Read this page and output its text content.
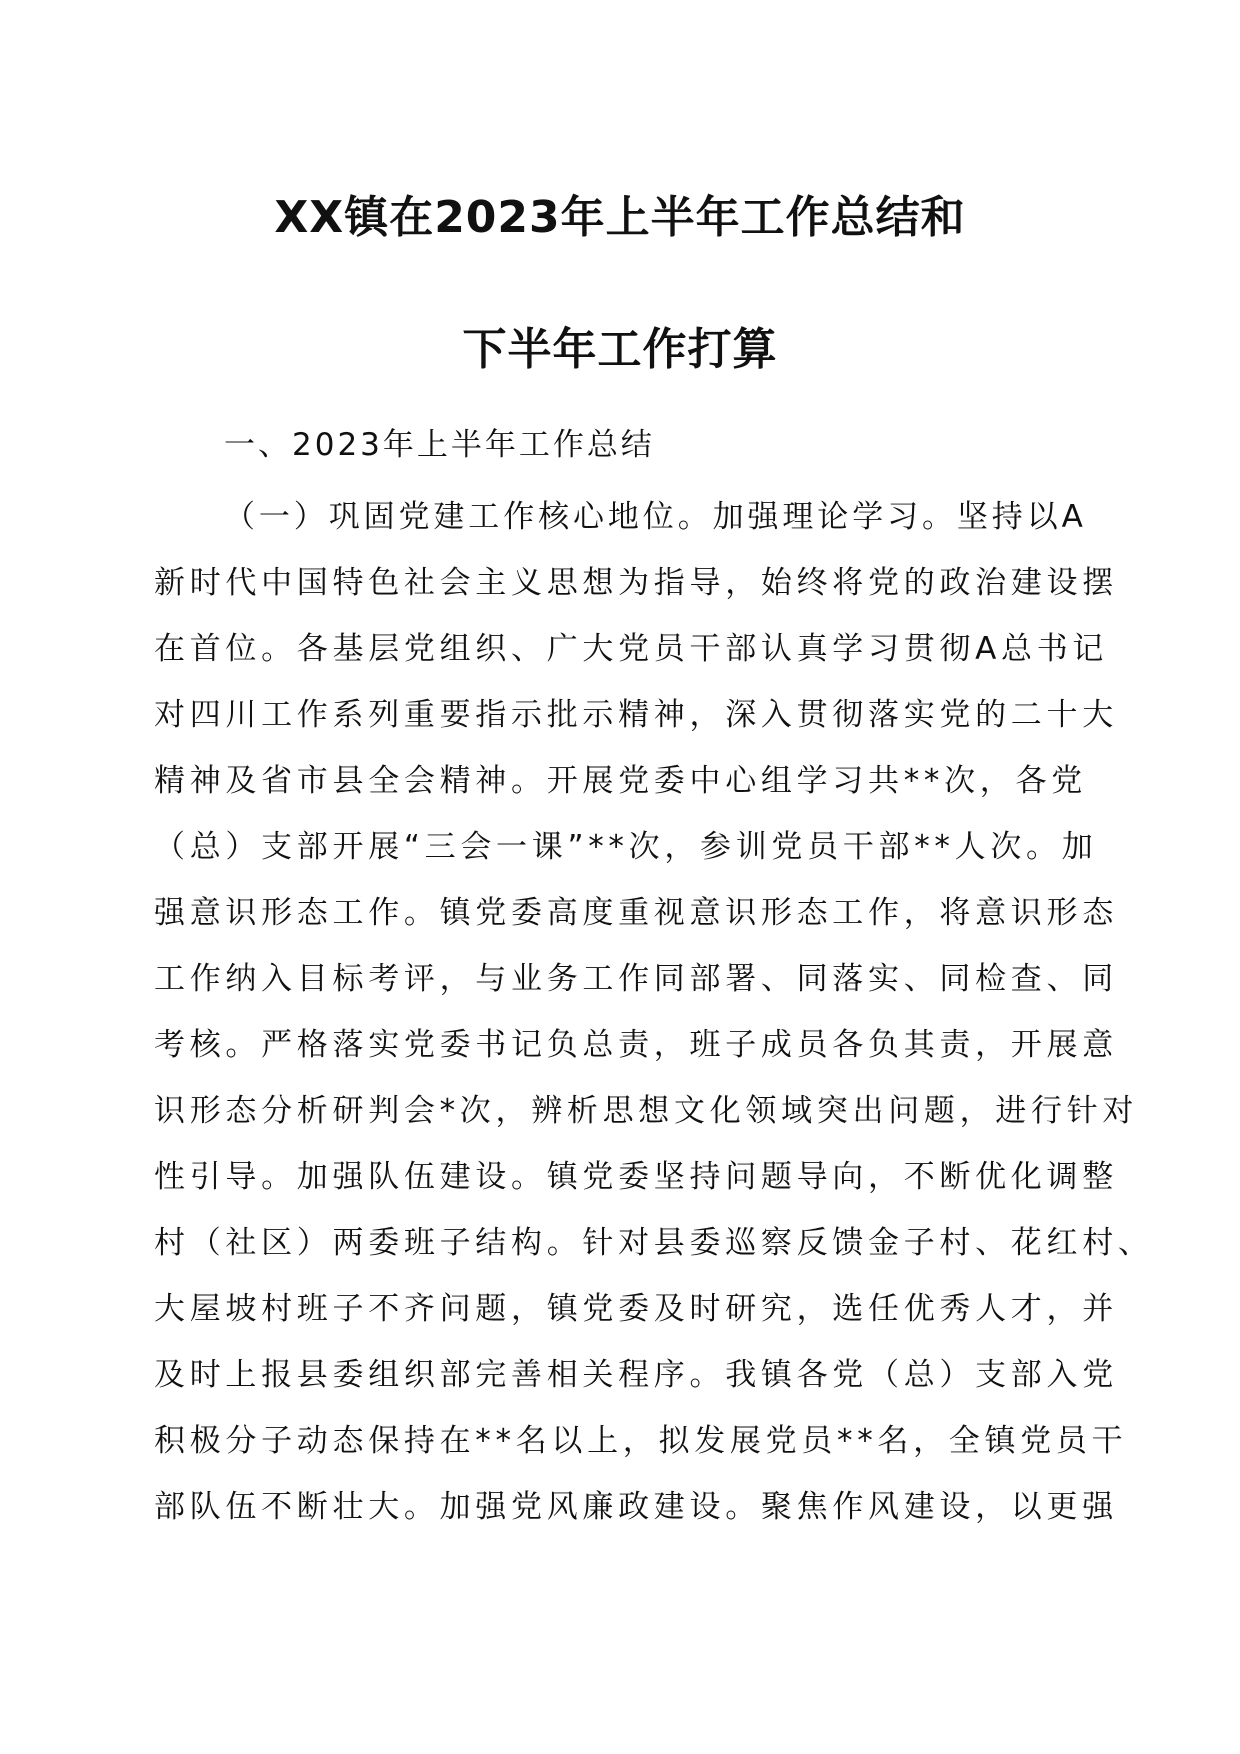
XX镇在2023年上半年工作总结和
下半年工作打算
一、2023年上半年工作总结
（一）巩固党建工作核心地位。加强理论学习。坚持以A
新时代中国特色社会主义思想为指导，始终将党的政治建设摆
在首位。各基层党组织、广大党员干部认真学习贯彻A总书记
对四川工作系列重要指示批示精神，深入贯彻落实党的二十大
精神及省市县全会精神。开展党委中心组学习共**次，各党
（总）支部开展“三会一课”**次，参训党员干部**人次。加
强意识形态工作。镇党委高度重视意识形态工作，将意识形态
工作纳入目标考评，与业务工作同部署、同落实、同检查、同
考核。严格落实党委书记负总责，班子成员各负其责，开展意
识形态分析研判会*次，辨析思想文化领域突出问题，进行针对
性引导。加强队伍建设。镇党委坚持问题导向，不断优化调整
村（社区）两委班子结构。针对县委巡察反馈金子村、花红村、
大屋坡村班子不齐问题，镇党委及时研究，选任优秀人才，并
及时上报县委组织部完善相关程序。我镇各党（总）支部入党
积极分子动态保持在**名以上，拟发展党员**名，全镇党员干
部队伍不断壮大。加强党风廉政建设。聚焦作风建设，以更强
